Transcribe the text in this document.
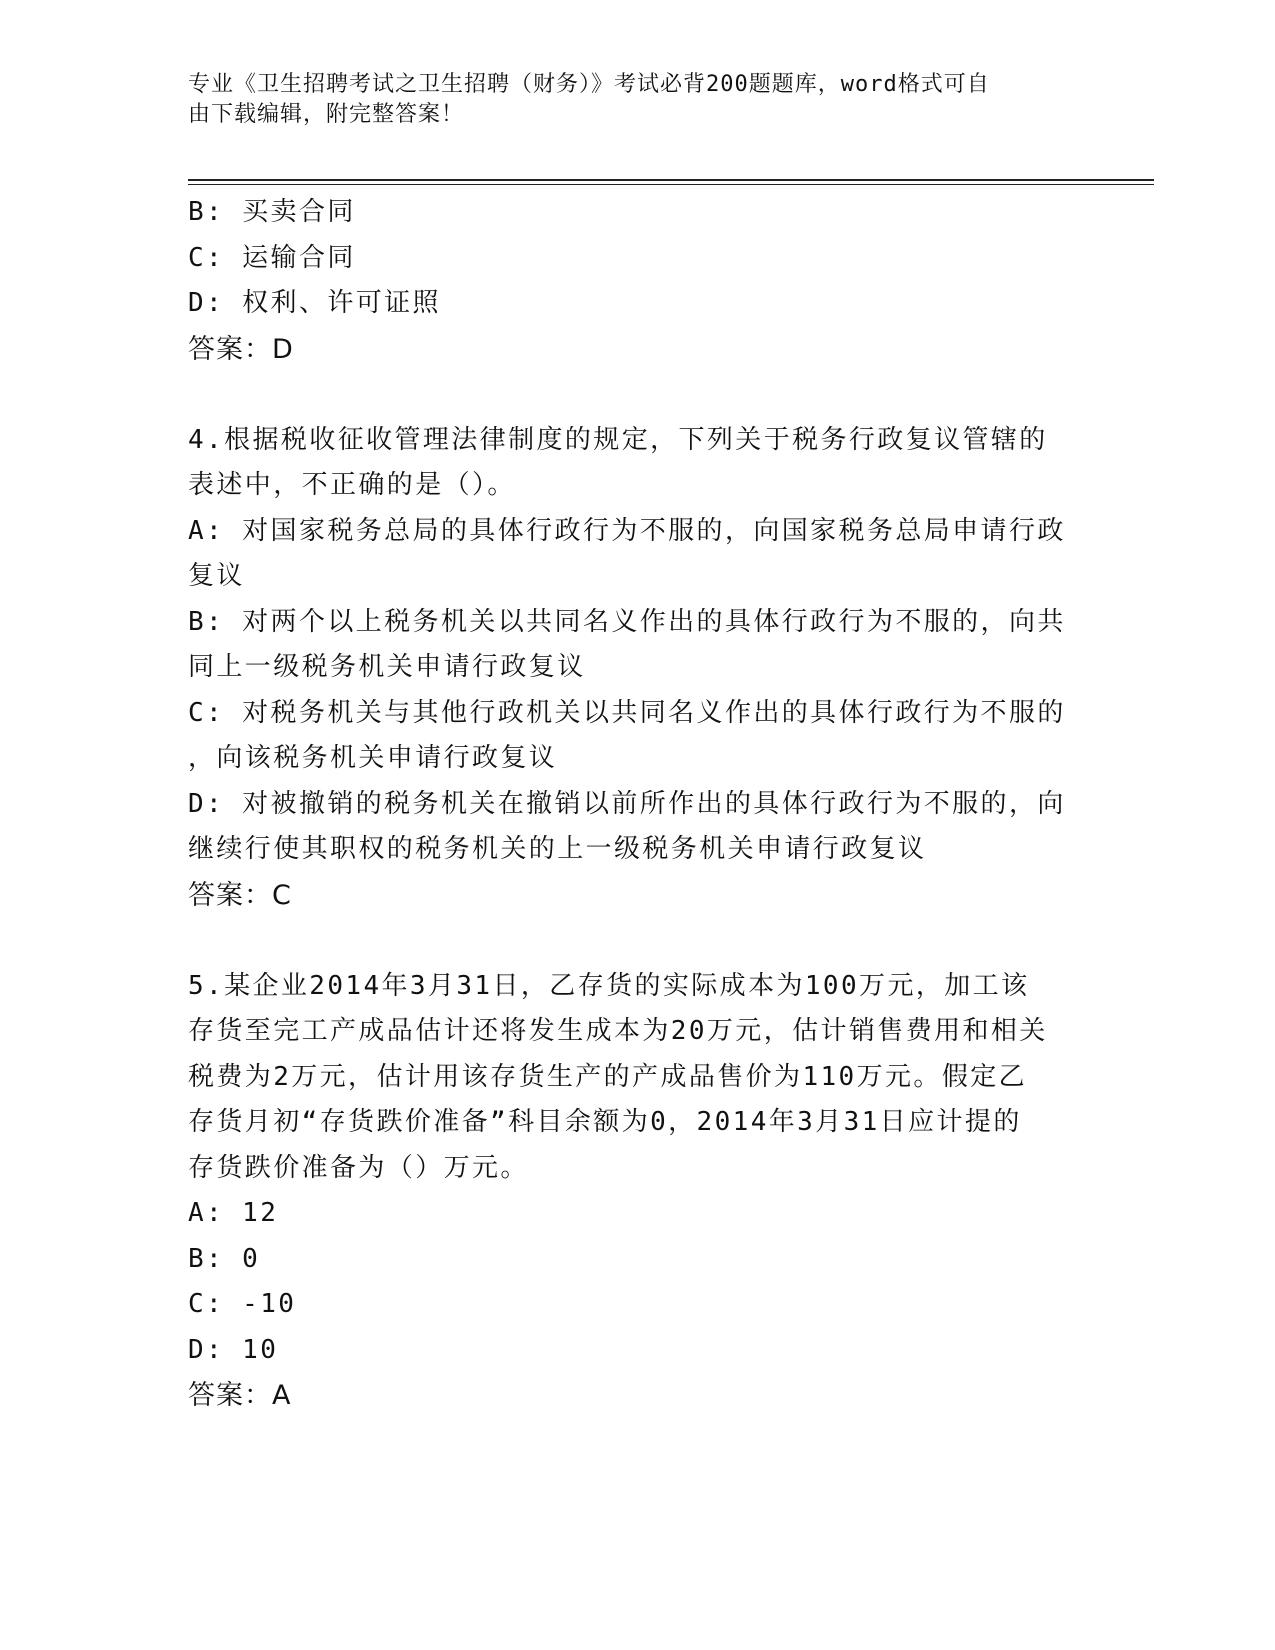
专业《卫生招聘考试之卫生招聘（财务）》考试必背200题题库，word格式可自
由下载编辑，附完整答案！
B: 买卖合同
C: 运输合同
D: 权利、许可证照
答案：D
4.根据税收征收管理法律制度的规定，下列关于税务行政复议管辖的
表述中，不正确的是（）。
A: 对国家税务总局的具体行政行为不服的，向国家税务总局申请行政
复议
B: 对两个以上税务机关以共同名义作出的具体行政行为不服的，向共
同上一级税务机关申请行政复议
C: 对税务机关与其他行政机关以共同名义作出的具体行政行为不服的
，向该税务机关申请行政复议
D: 对被撤销的税务机关在撤销以前所作出的具体行政行为不服的，向
继续行使其职权的税务机关的上一级税务机关申请行政复议
答案：C
5.某企业2014年3月31日，乙存货的实际成本为100万元，加工该
存货至完工产成品估计还将发生成本为20万元，估计销售费用和相关
税费为2万元，估计用该存货生产的产成品售价为110万元。假定乙
存货月初“存货跌价准备”科目余额为0，2014年3月31日应计提的
存货跌价准备为（）万元。
A: 12
B: 0
C: -10
D: 10
答案：A
